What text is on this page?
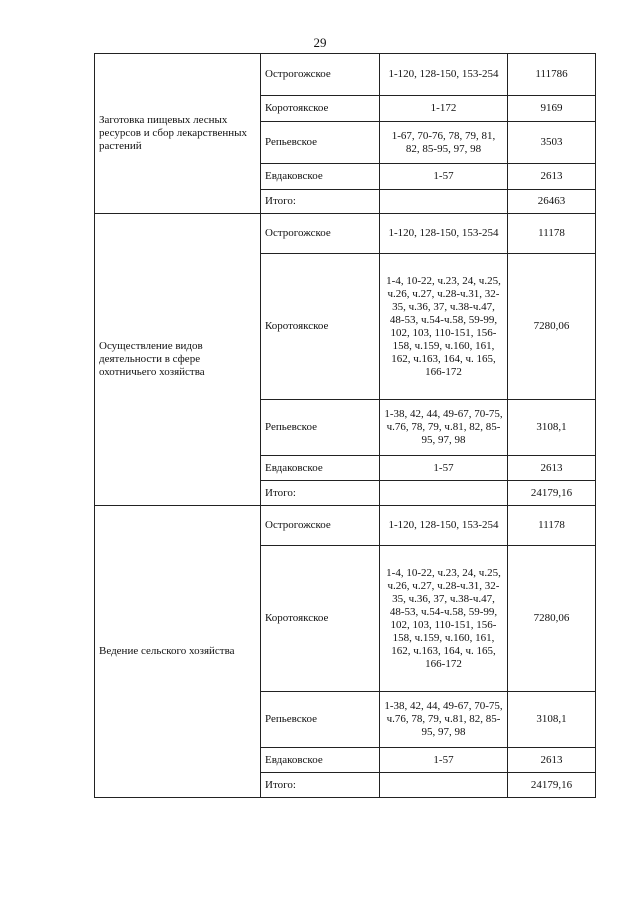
29
Заготовка пищевых лесных ресурсов и сбор лекарственных растений	Острогожское	1-120, 128-150, 153-254	111786
	Коротоякское	1-172	9169
	Репьевское	1-67, 70-76, 78, 79, 81, 82, 85-95, 97, 98	3503
	Евдаковское	1-57	2613
	Итого:		26463
Осуществление видов деятельности в сфере охотничьего хозяйства	Острогожское	1-120, 128-150, 153-254	11178
	Коротоякское	1-4, 10-22, ч.23, 24, ч.25, ч.26, ч.27, ч.28-ч.31, 32-35, ч.36, 37, ч.38-ч.47, 48-53, ч.54-ч.58, 59-99, 102, 103, 110-151, 156-158, ч.159, ч.160, 161, 162, ч.163, 164, ч. 165, 166-172	7280,06
	Репьевское	1-38, 42, 44, 49-67, 70-75, ч.76, 78, 79, ч.81, 82, 85-95, 97, 98	3108,1
	Евдаковское	1-57	2613
	Итого:		24179,16
Ведение сельского хозяйства	Острогожское	1-120, 128-150, 153-254	11178
	Коротоякское	1-4, 10-22, ч.23, 24, ч.25, ч.26, ч.27, ч.28-ч.31, 32-35, ч.36, 37, ч.38-ч.47, 48-53, ч.54-ч.58, 59-99, 102, 103, 110-151, 156-158, ч.159, ч.160, 161, 162, ч.163, 164, ч. 165, 166-172	7280,06
	Репьевское	1-38, 42, 44, 49-67, 70-75, ч.76, 78, 79, ч.81, 82, 85-95, 97, 98	3108,1
	Евдаковское	1-57	2613
	Итого:		24179,16
